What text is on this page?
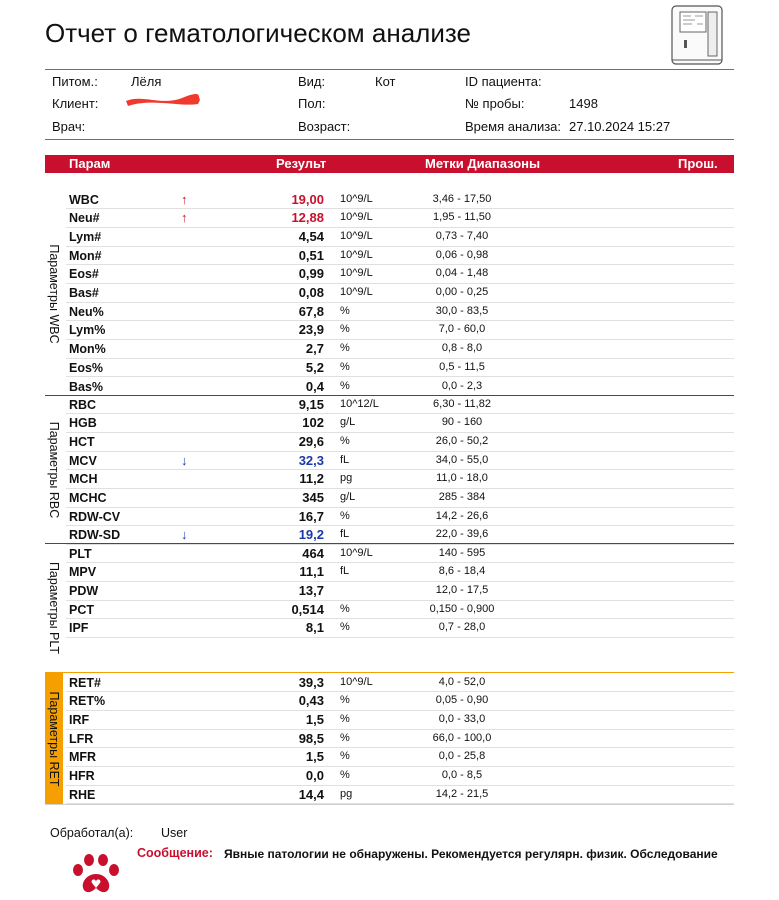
Отчет о гематологическом анализе
Питом.:	Лёля
Клиент:
Врач:
Вид:	Кот
Пол:
Возраст:
ID пациента:
№ пробы:	1498
Время анализа: 27.10.2024 15:27
Парам	Результ	Метки Диапазоны	Прош.
Параметры WBC
WBC	↑	19,00 10^9/L	3,46 - 17,50
Neu#	↑	12,88 10^9/L	1,95 - 11,50
Lym#	4,54 10^9/L	0,73 - 7,40
Mon#	0,51 10^9/L	0,06 - 0,98
Eos#	0,99 10^9/L	0,04 - 1,48
Bas#	0,08 10^9/L	0,00 - 0,25
Neu%	67,8 %	30,0 - 83,5
Lym%	23,9 %	7,0 - 60,0
Mon%	2,7 %	0,8 - 8,0
Eos%	5,2 %	0,5 - 11,5
Bas%	0,4 %	0,0 - 2,3
Параметры RBC
RBC	9,15 10^12/L	6,30 - 11,82
HGB	102 g/L	90 - 160
HCT	29,6 %	26,0 - 50,2
MCV	↓	32,3 fL	34,0 - 55,0
MCH	11,2 pg	11,0 - 18,0
MCHC	345 g/L	285 - 384
RDW-CV	16,7 %	14,2 - 26,6
RDW-SD	↓	19,2 fL	22,0 - 39,6
Параметры PLT
PLT	464 10^9/L	140 - 595
MPV	11,1 fL	8,6 - 18,4
PDW	13,7	12,0 - 17,5
PCT	0,514 %	0,150 - 0,900
IPF	8,1 %	0,7 - 28,0
Параметры RET
RET#	39,3 10^9/L	4,0 - 52,0
RET%	0,43 %	0,05 - 0,90
IRF	1,5 %	0,0 - 33,0
LFR	98,5 %	66,0 - 100,0
MFR	1,5 %	0,0 - 25,8
HFR	0,0 %	0,0 - 8,5
RHE	14,4 pg	14,2 - 21,5
Обработал(а): User
Сообщение: Явные патологии не обнаружены. Рекомендуется регулярн. физик. Обследование
